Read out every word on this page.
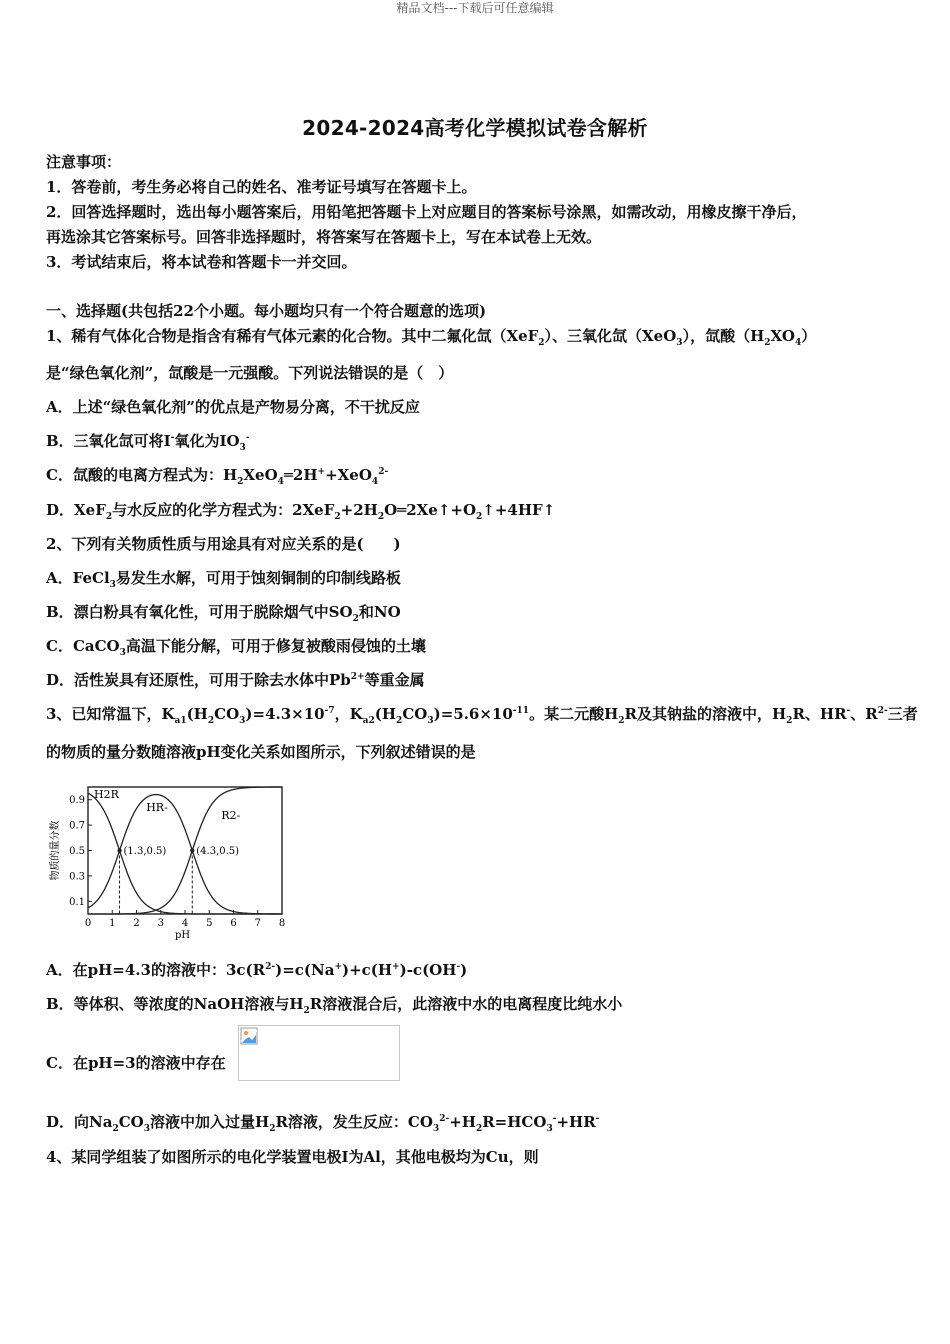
精品文档---下载后可任意编辑
2024-2024高考化学模拟试卷含解析
注意事项：
1．答卷前，考生务必将自己的姓名、准考证号填写在答题卡上。
2．回答选择题时，选出每小题答案后，用铅笔把答题卡上对应题目的答案标号涂黑，如需改动，用橡皮擦干净后，
再选涂其它答案标号。回答非选择题时，将答案写在答题卡上，写在本试卷上无效。
3．考试结束后，将本试卷和答题卡一并交回。
一、选择题(共包括22个小题。每小题均只有一个符合题意的选项)
1、稀有气体化合物是指含有稀有气体元素的化合物。其中二氟化氙（XeF$_2$）、三氧化氙（XeO$_3$），氙酸$(H_2XO_4)$
是“绿色氧化剂”，氙酸是一元强酸。下列说法错误的是（　）
A．上述“绿色氧化剂”的优点是产物易分离，不干扰反应
B．三氧化氙可将I-氧化为$IO_3^-$
C．氙酸的电离方程式为：$H_2XeO_4═2H^++XeO_4^{2-}$
D．XeF$_2$与水反应的化学方程式为：$2XeF_2+2H_2O═2Xe↑+O_2↑+4HF↑$
2、下列有关物质性质与用途具有对应关系的是(　　)
A．FeCl$_3$易发生水解，可用于蚀刻铜制的印制线路板
B．漂白粉具有氧化性，可用于脱除烟气中$SO_2$和NO
C．CaCO$_3$高温下能分解，可用于修复被酸雨侵蚀的土壤
D．活性炭具有还原性，可用于除去水体中$Pb^{2+}$等重金属
3、已知常温下，$K_{a1}(H_2CO_3)=4.3\times 10^{-7}$，$K_{a2}(H_2CO_3)=5.6\times 10^{-11}$。某二元酸$H_2R$及其钠盐的溶液中，$H_2R$、HR-、$R^{2-}$三者
的物质的量分数随溶液pH变化关系如图所示，下列叙述错误的是
0 1 2 3 4 5 6 7 8
0.1
0.3
0.5
0.7
0.9
pH
物质的量分数
H2R
HR-
R2-
(1.3,0.5)	(4.3,0.5)
A．在pH=4.3的溶液中：$3c(R^{2-})=c(Na^+)+c(H^+)-c(OH^-)$
B．等体积、等浓度的NaOH溶液与$H_2R$溶液混合后，此溶液中水的电离程度比纯水小
C．在pH=3的溶液中存在
D．向$Na_2CO_3$溶液中加入过量$H_2R$溶液，发生反应：$CO_3^{2-}+H_2R=HCO_3^-+HR^-$
4、某同学组装了如图所示的电化学装置电极I为Al，其他电极均为Cu，则
